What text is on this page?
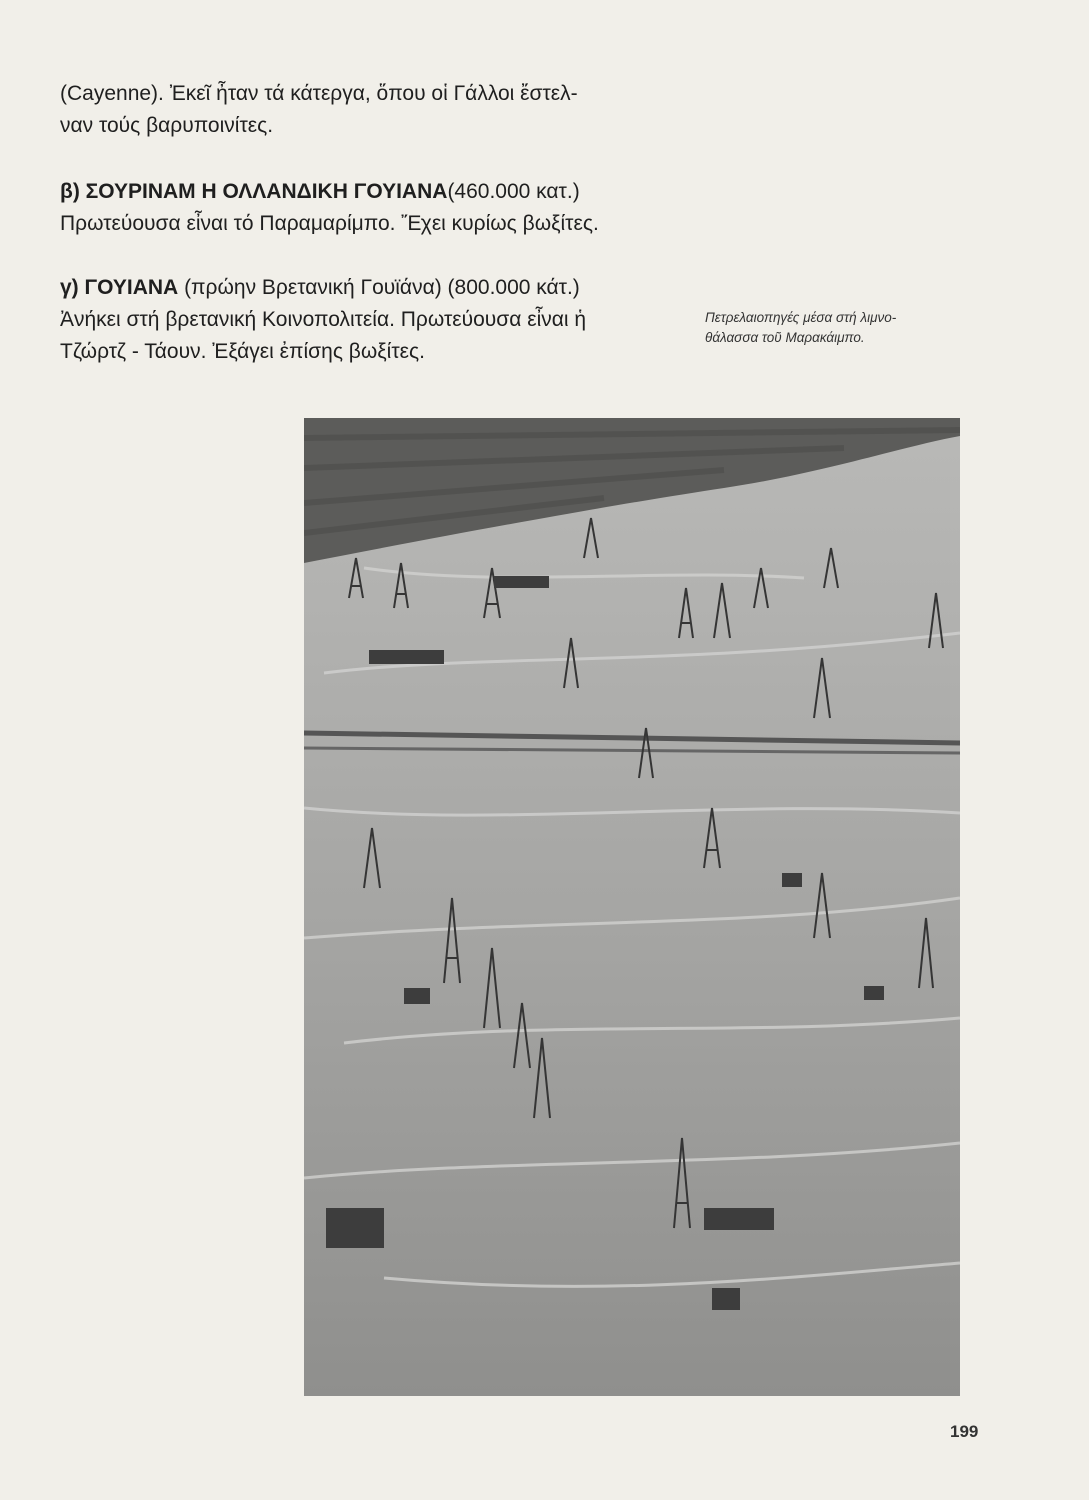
(Cayenne). Ἐκεῖ ἦταν τά κάτεργα, ὅπου οἱ Γάλλοι ἔστελ-

ναν τούς βαρυποινίτες.

β) ΣΟΥΡΙΝΑΜ Η ΟΛΛΑΝΔΙΚΗ ΓΟΥΙΑΝΑ(460.000 κατ.)

Πρωτεύουσα εἶναι τό Παραμαρίμπο. Ἔχει κυρίως βωξίτες.

γ) ΓΟΥΙΑΝΑ (πρώην Βρετανική Γουϊάνα) (800.000 κάτ.)

Ἀνήκει στή βρετανική Κοινοπολιτεία. Πρωτεύουσα εἶναι ἡ

Τζώρτζ - Τάουν. Ἐξάγει ἐπίσης βωξίτες.

Πετρελαιοπηγές μέσα στή λιμνο-
θάλασσα τοῦ Μαρακάιμπο.
199
